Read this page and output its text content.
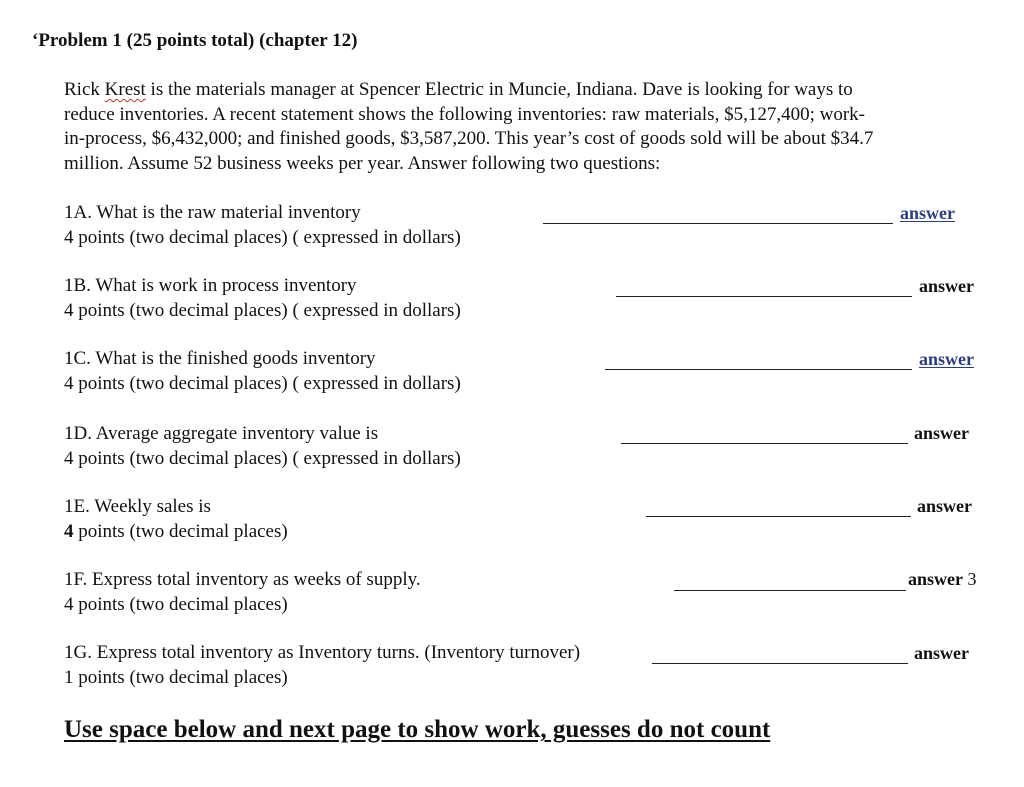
‘Problem 1 (25 points total) (chapter 12)
Rick Krest is the materials manager at Spencer Electric in Muncie, Indiana. Dave is looking for ways to
reduce inventories. A recent statement shows the following inventories: raw materials, $5,127,400; work-
in-process, $6,432,000; and finished goods, $3,587,200. This year’s cost of goods sold will be about $34.7
million. Assume 52 business weeks per year. Answer following two questions:
1A. What is the raw material inventory
4 points (two decimal places) ( expressed in dollars)
answer
1B. What is work in process inventory
4 points (two decimal places) ( expressed in dollars)
answer
1C. What is the finished goods inventory
4 points (two decimal places) ( expressed in dollars)
answer
1D. Average aggregate inventory value is
4 points (two decimal places) ( expressed in dollars)
answer
1E. Weekly sales is
4 points (two decimal places)
answer
1F. Express total inventory as weeks of supply.
4 points (two decimal places)
answer 3
1G. Express total inventory as Inventory turns. (Inventory turnover)
1 points (two decimal places)
answer
Use space below and next page to show work, guesses do not count
